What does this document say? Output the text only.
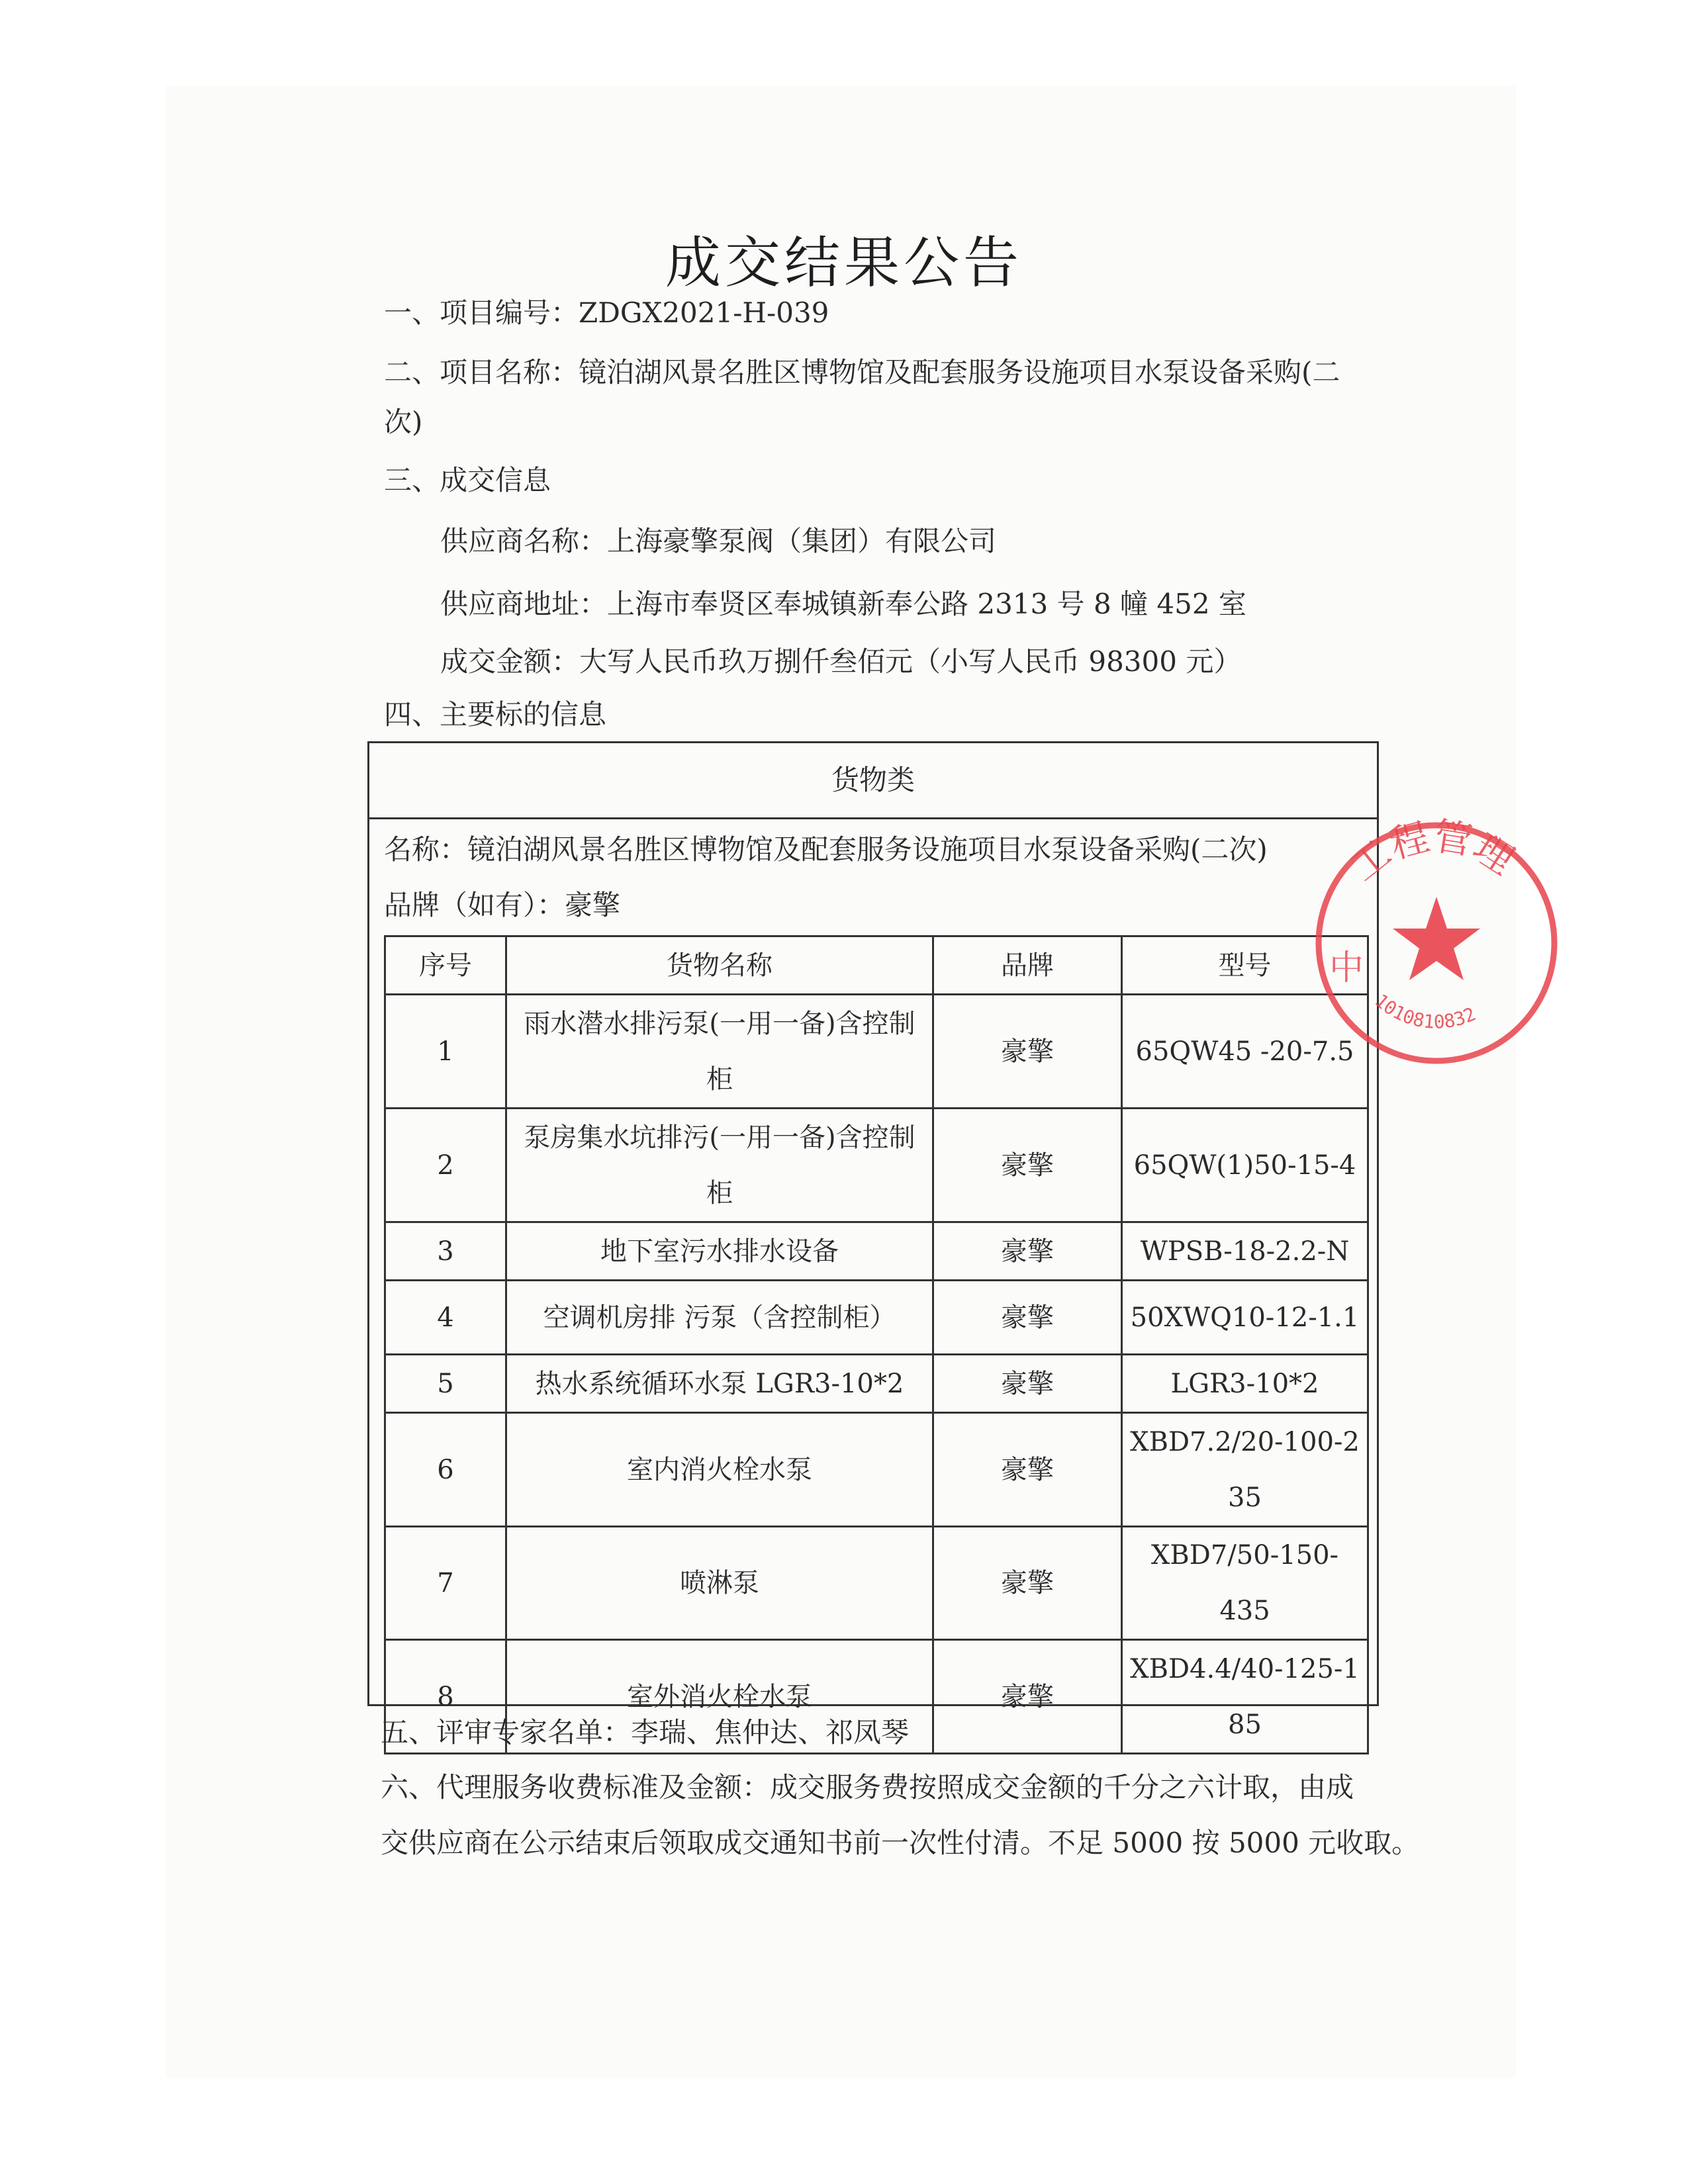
成交结果公告
一、项目编号：ZDGX2021-H-039
二、项目名称：镜泊湖风景名胜区博物馆及配套服务设施项目水泵设备采购(二
次)
三、成交信息
供应商名称：上海豪擎泵阀（集团）有限公司
供应商地址：上海市奉贤区奉城镇新奉公路 2313 号 8 幢 452 室
成交金额：大写人民币玖万捌仟叁佰元（小写人民币 98300 元）
四、主要标的信息
货物类
名称：镜泊湖风景名胜区博物馆及配套服务设施项目水泵设备采购(二次)
品牌（如有）：豪擎
序号	货物名称	品牌	型号
1	雨水潜水排污泵(一用一备)含控制柜	豪擎	65QW45 -20-7.5
2	泵房集水坑排污(一用一备)含控制柜	豪擎	65QW(1)50-15-4
3	地下室污水排水设备	豪擎	WPSB-18-2.2-N
4	空调机房排 污泵（含控制柜）	豪擎	50XWQ10-12-1.1
5	热水系统循环水泵 LGR3-10*2	豪擎	LGR3-10*2
6	室内消火栓水泵	豪擎	XBD7.2/20-100-235
7	喷淋泵	豪擎	XBD7/50-150-435
8	室外消火栓水泵	豪擎	XBD4.4/40-125-185
五、评审专家名单：李瑞、焦仲达、祁凤琴
六、代理服务收费标准及金额：成交服务费按照成交金额的千分之六计取，由成
交供应商在公示结束后领取成交通知书前一次性付清。不足 5000 按 5000 元收取。
工程管理
中
1010810832
